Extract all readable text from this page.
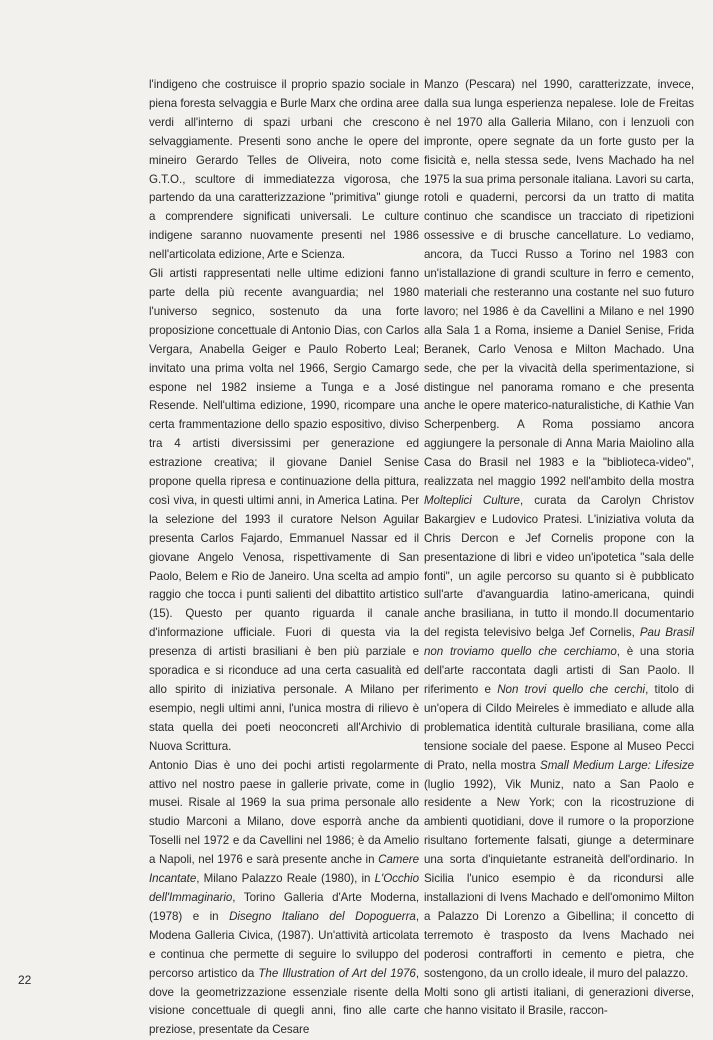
l'indigeno che costruisce il proprio spazio sociale in piena foresta selvaggia e Burle Marx che ordina aree verdi all'interno di spazi urbani che crescono selvaggiamente. Presenti sono anche le opere del mineiro Gerardo Telles de Oliveira, noto come G.T.O., scultore di immediatezza vigorosa, che partendo da una caratterizzazione "primitiva" giunge a comprendere significati universali. Le culture indigene saranno nuovamente presenti nel 1986 nell'articolata edizione, Arte e Scienza.

Gli artisti rappresentati nelle ultime edizioni fanno parte della più recente avanguardia; nel 1980 l'universo segnico, sostenuto da una forte proposizione concettuale di Antonio Dias, con Carlos Vergara, Anabella Geiger e Paulo Roberto Leal; invitato una prima volta nel 1966, Sergio Camargo espone nel 1982 insieme a Tunga e a José Resende. Nell'ultima edizione, 1990, ricompare una certa frammentazione dello spazio espositivo, diviso tra 4 artisti diversissimi per generazione ed estrazione creativa; il giovane Daniel Senise propone quella ripresa e continuazione della pittura, così viva, in questi ultimi anni, in America Latina. Per la selezione del 1993 il curatore Nelson Aguilar presenta Carlos Fajardo, Emmanuel Nassar ed il giovane Angelo Venosa, rispettivamente di San Paolo, Belem e Rio de Janeiro. Una scelta ad ampio raggio che tocca i punti salienti del dibattito artistico (15). Questo per quanto riguarda il canale d'informazione ufficiale. Fuori di questa via la presenza di artisti brasiliani è ben più parziale e sporadica e si riconduce ad una certa casualità ed allo spirito di iniziativa personale. A Milano per esempio, negli ultimi anni, l'unica mostra di rilievo è stata quella dei poeti neoconcreti all'Archivio di Nuova Scrittura.

Antonio Dias è uno dei pochi artisti regolarmente attivo nel nostro paese in gallerie private, come in musei. Risale al 1969 la sua prima personale allo studio Marconi a Milano, dove esporrà anche da Toselli nel 1972 e da Cavellini nel 1986; è da Amelio a Napoli, nel 1976 e sarà presente anche in Camere Incantate, Milano Palazzo Reale (1980), in L'Occhio dell'Immaginario, Torino Galleria d'Arte Moderna, (1978) e in Disegno Italiano del Dopoguerra, Modena Galleria Civica, (1987). Un'attività articolata e continua che permette di seguire lo sviluppo del percorso artistico da The Illustration of Art del 1976, dove la geometrizzazione essenziale risente della visione concettuale di quegli anni, fino alle carte preziose, presentate da Cesare

Manzo (Pescara) nel 1990, caratterizzate, invece, dalla sua lunga esperienza nepalese. Iole de Freitas è nel 1970 alla Galleria Milano, con i lenzuoli con impronte, opere segnate da un forte gusto per la fisicità e, nella stessa sede, Ivens Machado ha nel 1975 la sua prima personale italiana. Lavori su carta, rotoli e quaderni, percorsi da un tratto di matita continuo che scandisce un tracciato di ripetizioni ossessive e di brusche cancellature. Lo vediamo, ancora, da Tucci Russo a Torino nel 1983 con un'istallazione di grandi sculture in ferro e cemento, materiali che resteranno una costante nel suo futuro lavoro; nel 1986 è da Cavellini a Milano e nel 1990 alla Sala 1 a Roma, insieme a Daniel Senise, Frida Beranek, Carlo Venosa e Milton Machado. Una sede, che per la vivacità della sperimentazione, si distingue nel panorama romano e che presenta anche le opere materico-naturalistiche, di Kathie Van Scherpenberg. A Roma possiamo ancora aggiungere la personale di Anna Maria Maiolino alla Casa do Brasil nel 1983 e la "biblioteca-video", realizzata nel maggio 1992 nell'ambito della mostra Molteplici Culture, curata da Carolyn Christov Bakargiev e Ludovico Pratesi. L'iniziativa voluta da Chris Dercon e Jef Cornelis propone con la presentazione di libri e video un'ipotetica "sala delle fonti", un agile percorso su quanto si è pubblicato sull'arte d'avanguardia latino-americana, quindi anche brasiliana, in tutto il mondo.Il documentario del regista televisivo belga Jef Cornelis, Pau Brasil non troviamo quello che cerchiamo, è una storia dell'arte raccontata dagli artisti di San Paolo. Il riferimento e Non trovi quello che cerchi, titolo di un'opera di Cildo Meireles è immediato e allude alla problematica identità culturale brasiliana, come alla tensione sociale del paese. Espone al Museo Pecci di Prato, nella mostra Small Medium Large: Lifesize (luglio 1992), Vik Muniz, nato a San Paolo e residente a New York; con la ricostruzione di ambienti quotidiani, dove il rumore o la proporzione risultano fortemente falsati, giunge a determinare una sorta d'inquietante estraneità dell'ordinario. In Sicilia l'unico esempio è da ricondursi alle installazioni di Ivens Machado e dell'omonimo Milton a Palazzo Di Lorenzo a Gibellina; il concetto di terremoto è trasposto da Ivens Machado nei poderosi contrafforti in cemento e pietra, che sostengono, da un crollo ideale, il muro del palazzo.

Molti sono gli artisti italiani, di generazioni diverse, che hanno visitato il Brasile, raccon-

22
